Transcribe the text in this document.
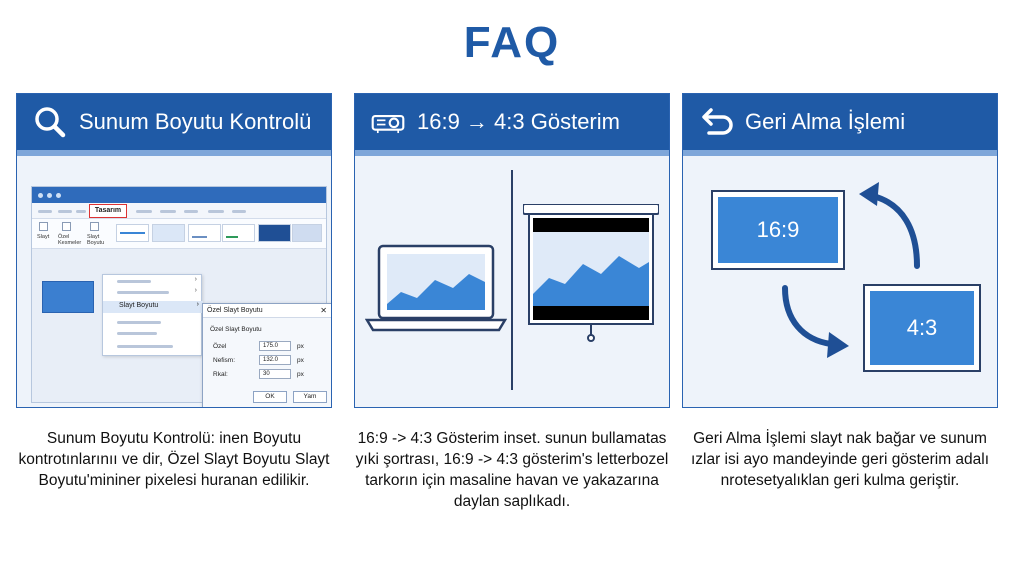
FAQ
Sunum Boyutu Kontrolü
Tasarım
Slayt Özel Kesmeler
Slayt Boyutu
›
›
Slayt Boyutu	›
Özel Slayt Boyutu	✕
Özel Slayt Boyutu
Özel	175.0	px
Nefism:	132.0	px
Rkal:	30	px
OK	Yam
16:9 → 4:3 Gösterim	Geri Alma İşlemi
16:9
4:3
Sunum Boyutu Kontrolü: inen Boyutu kontrotınlarınıı ve dir, Özel Slayt Boyutu Slayt Boyutu'mininer pixelesi huranan edilikir.
16:9 -> 4:3 Gösterim inset. sunun bullamatas yıki şortrası, 16:9 -> 4:3 gösterim's letterbozel tarkorın için masaline havan ve yakazarına daylan saplıkadı.
Geri Alma İşlemi slayt nak bağar ve sunum ızlar isi ayo mandeyinde geri gösterim adalı nrotesetyalıklan geri kulma geriştir.
